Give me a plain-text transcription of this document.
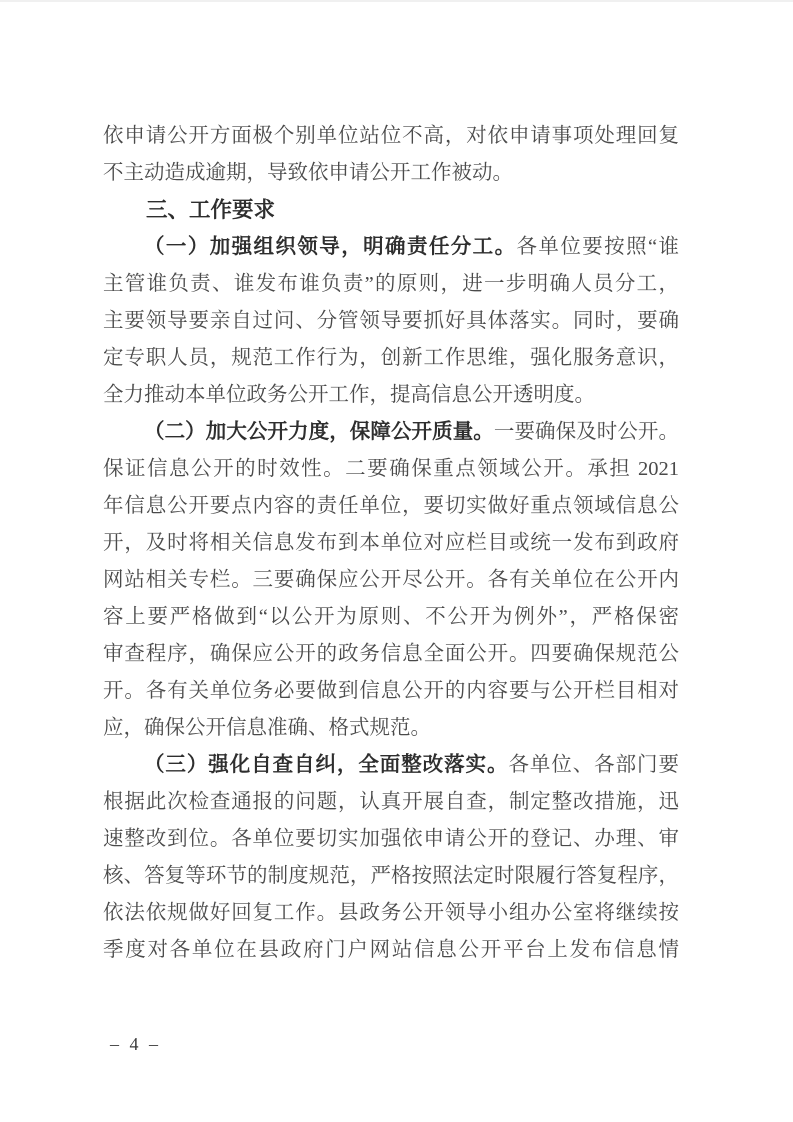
依申请公开方面极个别单位站位不高，对依申请事项处理回复
不主动造成逾期，导致依申请公开工作被动。
三、工作要求
（一）加强组织领导，明确责任分工。各单位要按照“谁
主管谁负责、谁发布谁负责”的原则，进一步明确人员分工，
主要领导要亲自过问、分管领导要抓好具体落实。同时，要确
定专职人员，规范工作行为，创新工作思维，强化服务意识，
全力推动本单位政务公开工作，提高信息公开透明度。
（二）加大公开力度，保障公开质量。一要确保及时公开。
保证信息公开的时效性。二要确保重点领域公开。承担 2021
年信息公开要点内容的责任单位，要切实做好重点领域信息公
开，及时将相关信息发布到本单位对应栏目或统一发布到政府
网站相关专栏。三要确保应公开尽公开。各有关单位在公开内
容上要严格做到“以公开为原则、不公开为例外”，严格保密
审查程序，确保应公开的政务信息全面公开。四要确保规范公
开。各有关单位务必要做到信息公开的内容要与公开栏目相对
应，确保公开信息准确、格式规范。
（三）强化自查自纠，全面整改落实。各单位、各部门要
根据此次检查通报的问题，认真开展自查，制定整改措施，迅
速整改到位。各单位要切实加强依申请公开的登记、办理、审
核、答复等环节的制度规范，严格按照法定时限履行答复程序，
依法依规做好回复工作。县政务公开领导小组办公室将继续按
季度对各单位在县政府门户网站信息公开平台上发布信息情
– 4 –
